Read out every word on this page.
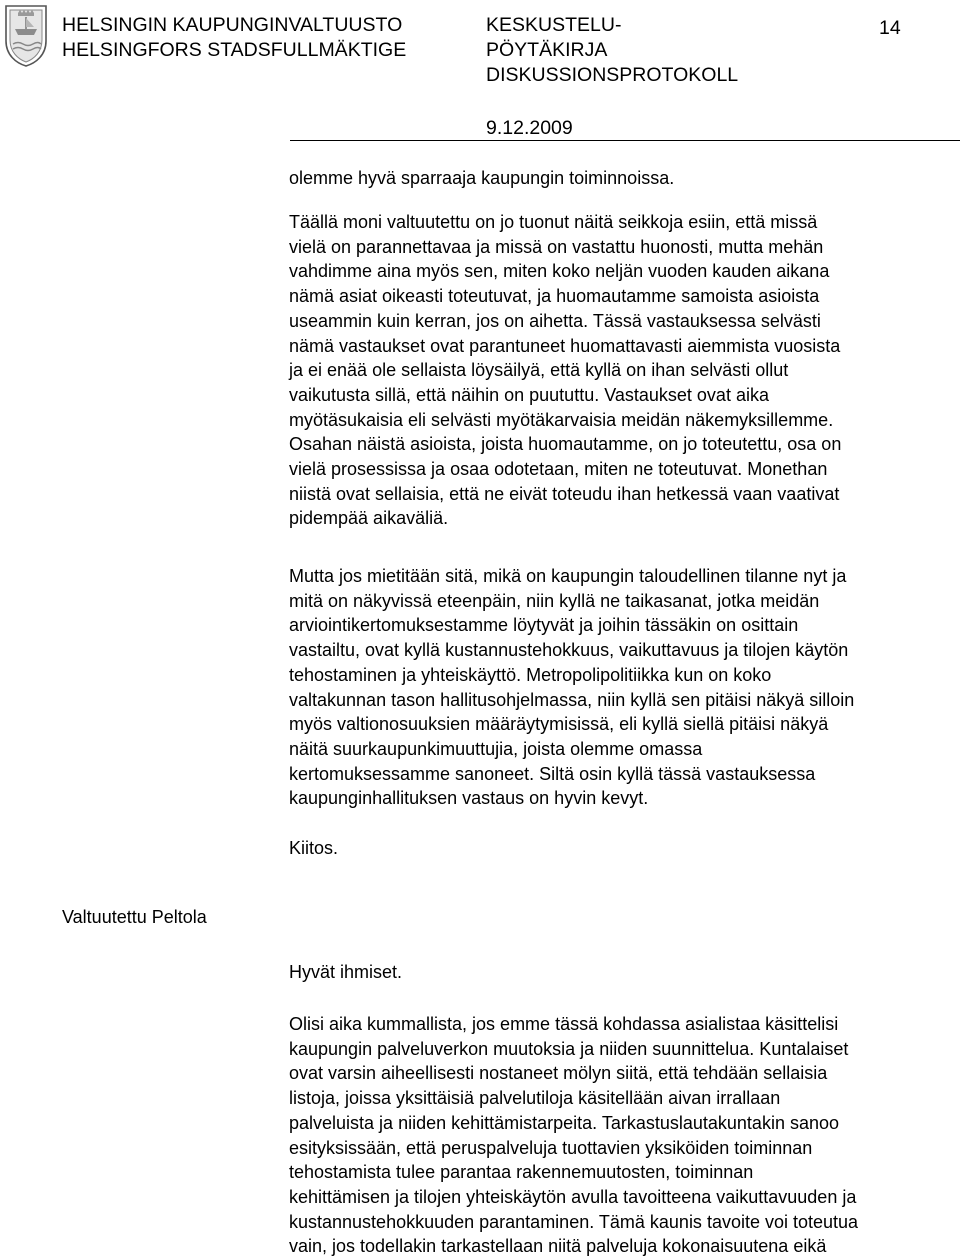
HELSINGIN KAUPUNGINVALTUUSTO
HELSINGFORS STADSFULLMÄKTIGE
KESKUSTELU-
PÖYTÄKIRJA
DISKUSSIONSPROTOKOLL
14
9.12.2009

olemme hyvä sparraaja kaupungin toiminnoissa.

Täällä moni valtuutettu on jo tuonut näitä seikkoja esiin, että missä

vielä on parannettavaa ja missä on vastattu huonosti, mutta mehän

vahdimme aina myös sen, miten koko neljän vuoden kauden aikana

nämä asiat oikeasti toteutuvat, ja huomautamme samoista asioista

useammin kuin kerran, jos on aihetta. Tässä vastauksessa selvästi

nämä vastaukset ovat parantuneet huomattavasti aiemmista vuosista

ja ei enää ole sellaista löysäilyä, että kyllä on ihan selvästi ollut

vaikutusta sillä, että näihin on puututtu. Vastaukset ovat aika

myötäsukaisia eli selvästi myötäkarvaisia meidän näkemyksillemme.

Osahan näistä asioista, joista huomautamme, on jo toteutettu, osa on

vielä prosessissa ja osaa odotetaan, miten ne toteutuvat. Monethan

niistä ovat sellaisia, että ne eivät toteudu ihan hetkessä vaan vaativat

pidempää aikaväliä.

Mutta jos mietitään sitä, mikä on kaupungin taloudellinen tilanne nyt ja

mitä on näkyvissä eteenpäin, niin kyllä ne taikasanat, jotka meidän

arviointikertomuksestamme löytyvät ja joihin tässäkin on osittain

vastailtu, ovat kyllä kustannustehokkuus, vaikuttavuus ja tilojen käytön

tehostaminen ja yhteiskäyttö. Metropolipolitiikka kun on koko

valtakunnan tason hallitusohjelmassa, niin kyllä sen pitäisi näkyä silloin

myös valtionosuuksien määräytymisissä, eli kyllä siellä pitäisi näkyä

näitä suurkaupunkimuuttujia, joista olemme omassa

kertomuksessamme sanoneet. Siltä osin kyllä tässä vastauksessa

kaupunginhallituksen vastaus on hyvin kevyt.

Kiitos.

Valtuutettu Peltola

Hyvät ihmiset.

Olisi aika kummallista, jos emme tässä kohdassa asialistaa käsittelisi

kaupungin palveluverkon muutoksia ja niiden suunnittelua. Kuntalaiset

ovat varsin aiheellisesti nostaneet mölyn siitä, että tehdään sellaisia

listoja, joissa yksittäisiä palvelutiloja käsitellään aivan irrallaan

palveluista ja niiden kehittämistarpeita. Tarkastuslautakuntakin sanoo

esityksissään, että peruspalveluja tuottavien yksiköiden toiminnan

tehostamista tulee parantaa rakennemuutosten, toiminnan

kehittämisen ja tilojen yhteiskäytön avulla tavoitteena vaikuttavuuden ja

kustannustehokkuuden parantaminen. Tämä kaunis tavoite voi toteutua

vain, jos todellakin tarkastellaan niitä palveluja kokonaisuutena eikä
